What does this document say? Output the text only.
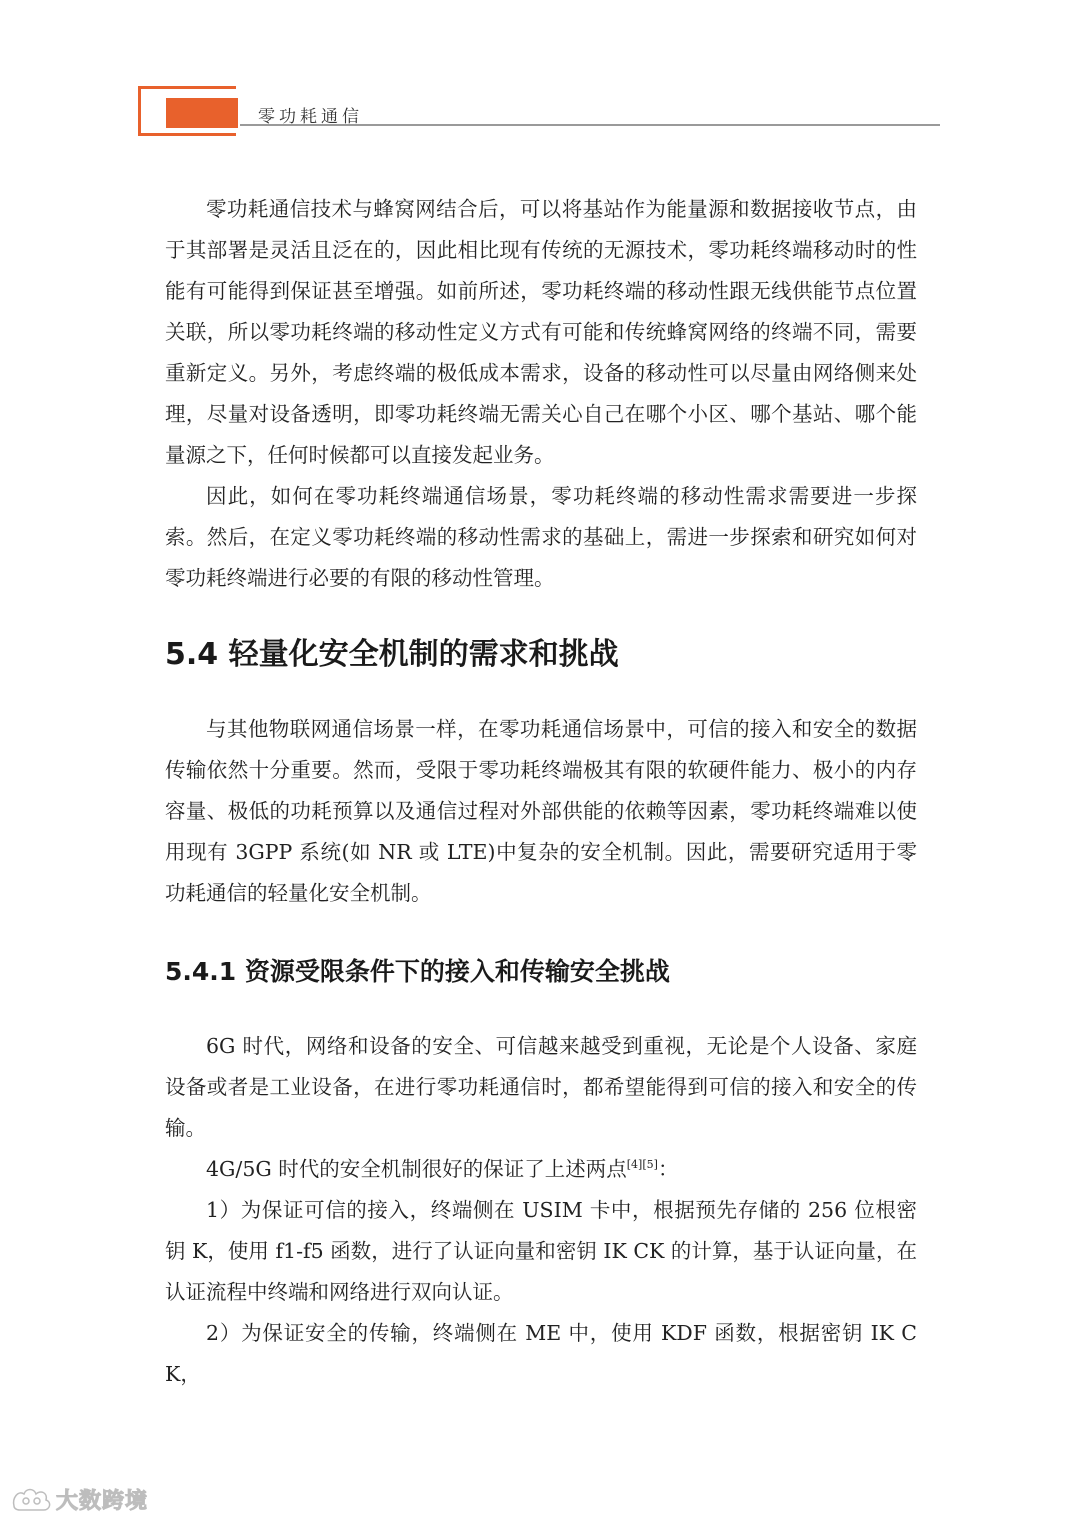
零功耗通信

零功耗通信技术与蜂窝网结合后，可以将基站作为能量源和数据接收节点，由于其部署是灵活且泛在的，因此相比现有传统的无源技术，零功耗终端移动时的性能有可能得到保证甚至增强。如前所述，零功耗终端的移动性跟无线供能节点位置关联，所以零功耗终端的移动性定义方式有可能和传统蜂窝网络的终端不同，需要重新定义。另外，考虑终端的极低成本需求，设备的移动性可以尽量由网络侧来处理，尽量对设备透明，即零功耗终端无需关心自己在哪个小区、哪个基站、哪个能量源之下，任何时候都可以直接发起业务。

因此，如何在零功耗终端通信场景，零功耗终端的移动性需求需要进一步探索。然后，在定义零功耗终端的移动性需求的基础上，需进一步探索和研究如何对零功耗终端进行必要的有限的移动性管理。

5.4 轻量化安全机制的需求和挑战

与其他物联网通信场景一样，在零功耗通信场景中，可信的接入和安全的数据传输依然十分重要。然而，受限于零功耗终端极其有限的软硬件能力、极小的内存容量、极低的功耗预算以及通信过程对外部供能的依赖等因素，零功耗终端难以使用现有 3GPP 系统(如 NR 或 LTE)中复杂的安全机制。因此，需要研究适用于零功耗通信的轻量化安全机制。

5.4.1 资源受限条件下的接入和传输安全挑战

6G 时代，网络和设备的安全、可信越来越受到重视，无论是个人设备、家庭设备或者是工业设备，在进行零功耗通信时，都希望能得到可信的接入和安全的传输。

4G/5G 时代的安全机制很好的保证了上述两点[4][5]：

1）为保证可信的接入，终端侧在 USIM 卡中，根据预先存储的 256 位根密钥 K，使用 f1-f5 函数，进行了认证向量和密钥 IK CK 的计算，基于认证向量，在认证流程中终端和网络进行双向认证。

2）为保证安全的传输，终端侧在 ME 中，使用 KDF 函数，根据密钥 IK CK，

大数跨境
